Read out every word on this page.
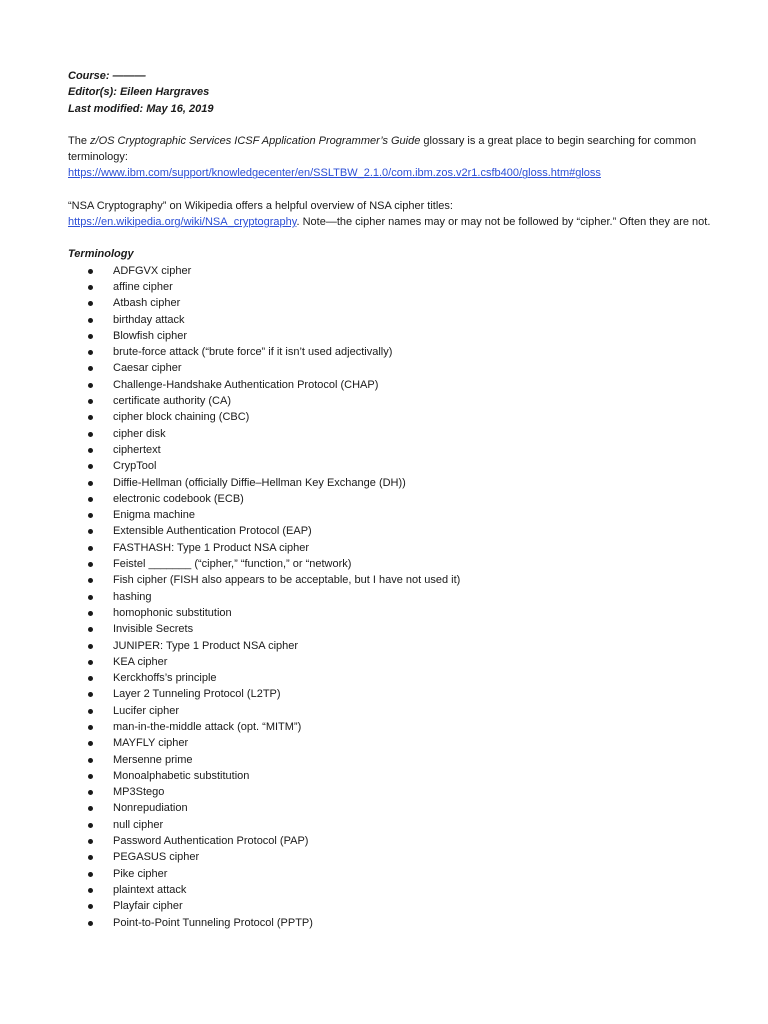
Course: ———

Editor(s): Eileen Hargraves

Last modified: May 16, 2019

The z/OS Cryptographic Services ICSF Application Programmer’s Guide glossary is a great place to begin searching for common terminology:
https://www.ibm.com/support/knowledgecenter/en/SSLTBW_2.1.0/com.ibm.zos.v2r1.csfb400/gloss.htm#gloss

“NSA Cryptography” on Wikipedia offers a helpful overview of NSA cipher titles:
https://en.wikipedia.org/wiki/NSA_cryptography. Note—the cipher names may or may not be followed by “cipher.” Often they are not.

Terminology

ADFGVX cipher
affine cipher
Atbash cipher
birthday attack
Blowfish cipher
brute-force attack (“brute force” if it isn’t used adjectivally)
Caesar cipher
Challenge-Handshake Authentication Protocol (CHAP)
certificate authority (CA)
cipher block chaining (CBC)
cipher disk
ciphertext
CrypTool
Diffie-Hellman (officially Diffie–Hellman Key Exchange (DH))
electronic codebook (ECB)
Enigma machine
Extensible Authentication Protocol (EAP)
FASTHASH: Type 1 Product NSA cipher
Feistel _______ (“cipher,” “function,” or “network)
Fish cipher (FISH also appears to be acceptable, but I have not used it)
hashing
homophonic substitution
Invisible Secrets
JUNIPER: Type 1 Product NSA cipher
KEA cipher
Kerckhoffs’s principle
Layer 2 Tunneling Protocol (L2TP)
Lucifer cipher
man-in-the-middle attack (opt. “MITM”)
MAYFLY cipher
Mersenne prime
Monoalphabetic substitution
MP3Stego
Nonrepudiation
null cipher
Password Authentication Protocol (PAP)
PEGASUS cipher
Pike cipher
plaintext attack
Playfair cipher
Point-to-Point Tunneling Protocol (PPTP)
